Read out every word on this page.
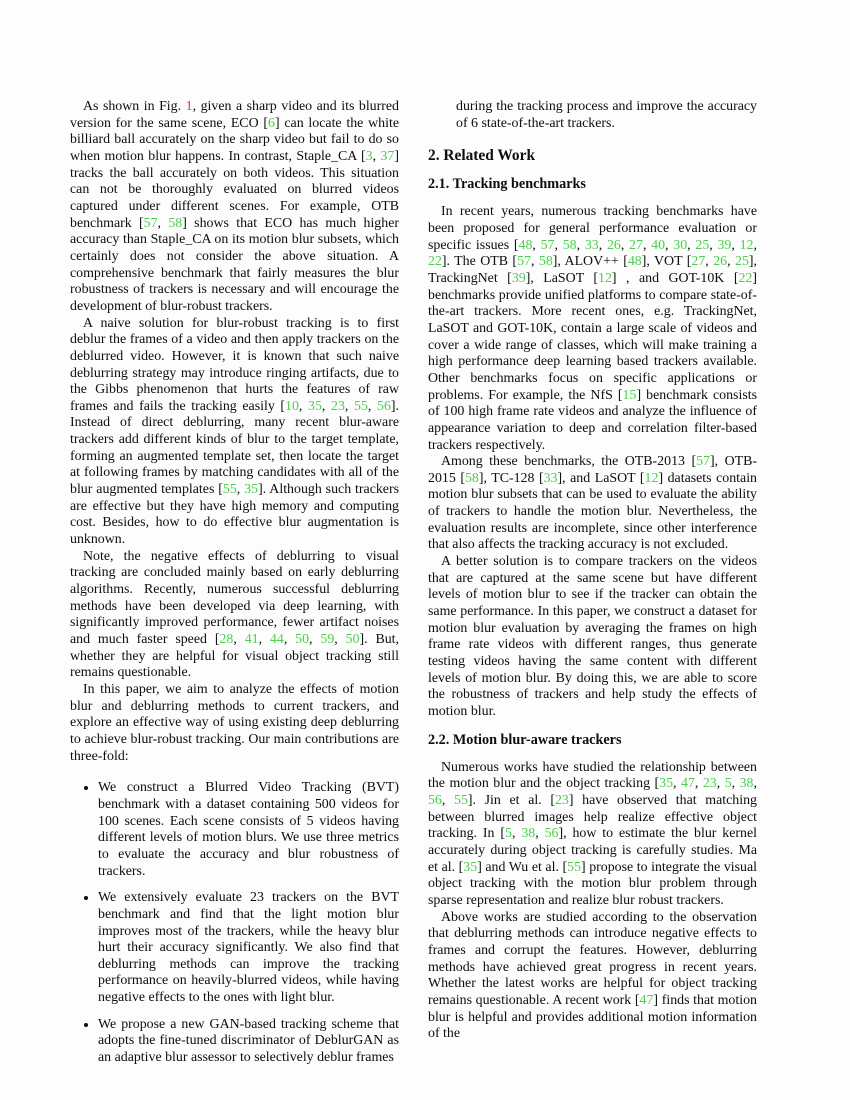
As shown in Fig. 1, given a sharp video and its blurred version for the same scene, ECO [6] can locate the white billiard ball accurately on the sharp video but fail to do so when motion blur happens. In contrast, Staple_CA [3, 37] tracks the ball accurately on both videos. This situation can not be thoroughly evaluated on blurred videos captured under different scenes. For example, OTB benchmark [57, 58] shows that ECO has much higher accuracy than Staple_CA on its motion blur subsets, which certainly does not consider the above situation. A comprehensive benchmark that fairly measures the blur robustness of trackers is necessary and will encourage the development of blur-robust trackers.

A naive solution for blur-robust tracking is to first deblur the frames of a video and then apply trackers on the deblurred video. However, it is known that such naive deblurring strategy may introduce ringing artifacts, due to the Gibbs phenomenon that hurts the features of raw frames and fails the tracking easily [10, 35, 23, 55, 56]. Instead of direct deblurring, many recent blur-aware trackers add different kinds of blur to the target template, forming an augmented template set, then locate the target at following frames by matching candidates with all of the blur augmented templates [55, 35]. Although such trackers are effective but they have high memory and computing cost. Besides, how to do effective blur augmentation is unknown.

Note, the negative effects of deblurring to visual tracking are concluded mainly based on early deblurring algorithms. Recently, numerous successful deblurring methods have been developed via deep learning, with significantly improved performance, fewer artifact noises and much faster speed [28, 41, 44, 50, 59, 50]. But, whether they are helpful for visual object tracking still remains questionable.

In this paper, we aim to analyze the effects of motion blur and deblurring methods to current trackers, and explore an effective way of using existing deep deblurring to achieve blur-robust tracking. Our main contributions are three-fold:

• We construct a Blurred Video Tracking (BVT) benchmark with a dataset containing 500 videos for 100 scenes. Each scene consists of 5 videos having different levels of motion blurs. We use three metrics to evaluate the accuracy and blur robustness of trackers.
• We extensively evaluate 23 trackers on the BVT benchmark and find that the light motion blur improves most of the trackers, while the heavy blur hurt their accuracy significantly. We also find that deblurring methods can improve the tracking performance on heavily-blurred videos, while having negative effects to the ones with light blur.
• We propose a new GAN-based tracking scheme that adopts the fine-tuned discriminator of DeblurGAN as an adaptive blur assessor to selectively deblur frames

during the tracking process and improve the accuracy of 6 state-of-the-art trackers.

2. Related Work
2.1. Tracking benchmarks

In recent years, numerous tracking benchmarks have been proposed for general performance evaluation or specific issues [48, 57, 58, 33, 26, 27, 40, 30, 25, 39, 12, 22]. The OTB [57, 58], ALOV++ [48], VOT [27, 26, 25], TrackingNet [39], LaSOT [12] , and GOT-10K [22] benchmarks provide unified platforms to compare state-of-the-art trackers. More recent ones, e.g. TrackingNet, LaSOT and GOT-10K, contain a large scale of videos and cover a wide range of classes, which will make training a high performance deep learning based trackers available. Other benchmarks focus on specific applications or problems. For example, the NfS [15] benchmark consists of 100 high frame rate videos and analyze the influence of appearance variation to deep and correlation filter-based trackers respectively.

Among these benchmarks, the OTB-2013 [57], OTB-2015 [58], TC-128 [33], and LaSOT [12] datasets contain motion blur subsets that can be used to evaluate the ability of trackers to handle the motion blur. Nevertheless, the evaluation results are incomplete, since other interference that also affects the tracking accuracy is not excluded.

A better solution is to compare trackers on the videos that are captured at the same scene but have different levels of motion blur to see if the tracker can obtain the same performance. In this paper, we construct a dataset for motion blur evaluation by averaging the frames on high frame rate videos with different ranges, thus generate testing videos having the same content with different levels of motion blur. By doing this, we are able to score the robustness of trackers and help study the effects of motion blur.

2.2. Motion blur-aware trackers

Numerous works have studied the relationship between the motion blur and the object tracking [35, 47, 23, 5, 38, 56, 55]. Jin et al. [23] have observed that matching between blurred images help realize effective object tracking. In [5, 38, 56], how to estimate the blur kernel accurately during object tracking is carefully studies. Ma et al. [35] and Wu et al. [55] propose to integrate the visual object tracking with the motion blur problem through sparse representation and realize blur robust trackers.

Above works are studied according to the observation that deblurring methods can introduce negative effects to frames and corrupt the features. However, deblurring methods have achieved great progress in recent years. Whether the latest works are helpful for object tracking remains questionable. A recent work [47] finds that motion blur is helpful and provides additional motion information of the
